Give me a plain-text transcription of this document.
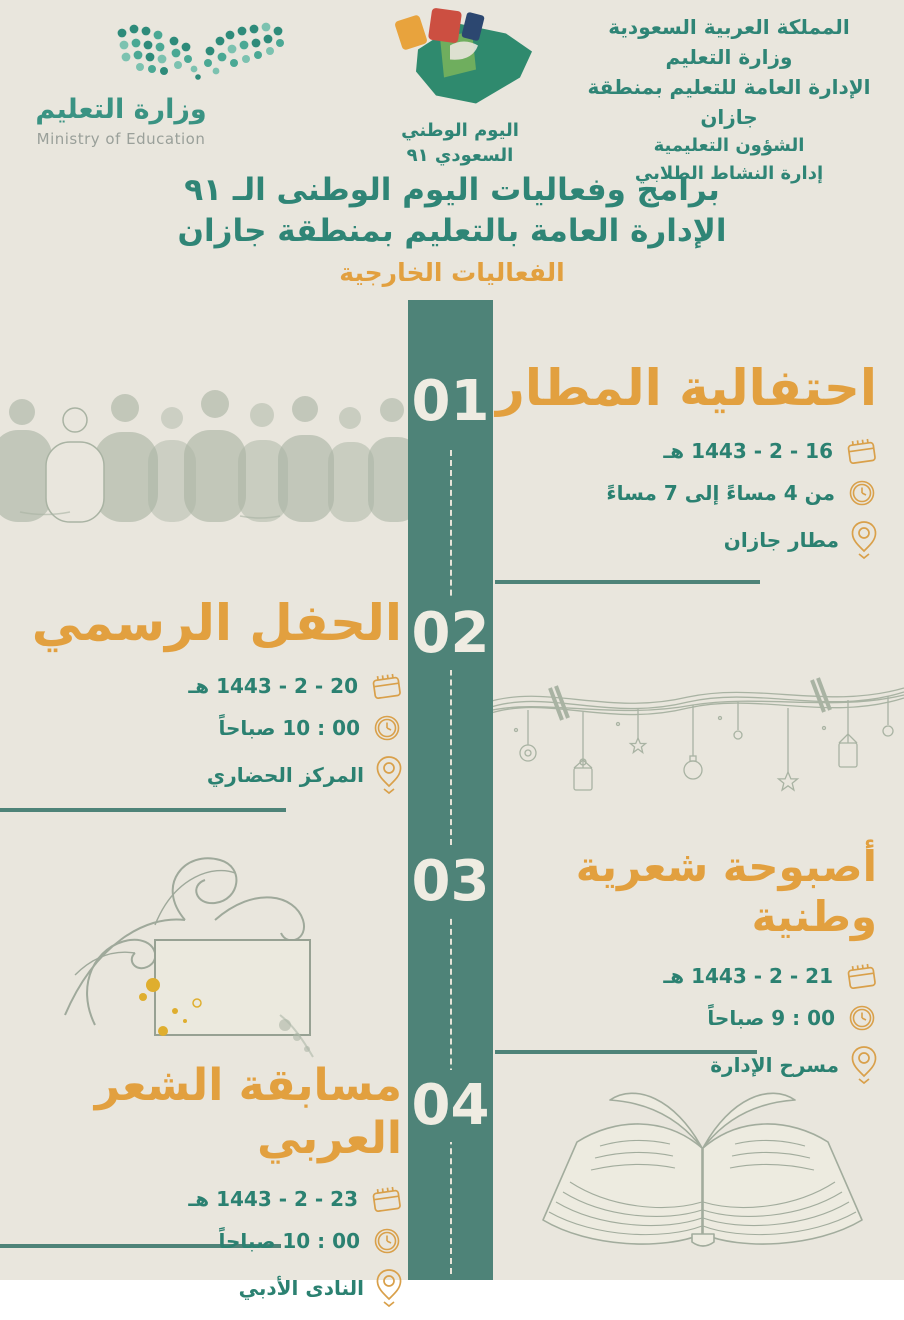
وزارة التعليم
Ministry of Education	اليوم الوطني
السعودي ٩١
المملكة العربية السعودية
وزارة التعليم
الإدارة العامة للتعليم بمنطقة جازان
الشؤون التعليمية
إدارة النشاط الطلابي
برامج وفعاليات اليوم الوطنى الـ ٩١
الإدارة العامة بالتعليم بمنطقة جازان
الفعاليات الخارجية
01
02
03
04
احتفالية المطار
16 - 2 - 1443 هـ
من 4 مساءً إلى 7 مساءً
مطار جازان
الحفل الرسمي
20 - 2 - 1443 هـ
00 : 10 صباحاً
المركز الحضاري
أصبوحة شعرية وطنية
21 - 2 - 1443 هـ
00 : 9 صباحاً
مسرح الإدارة
مسابقة الشعر العربي
23 - 2 - 1443 هـ
00 : 10 صباحاً
النادى الأدبي
